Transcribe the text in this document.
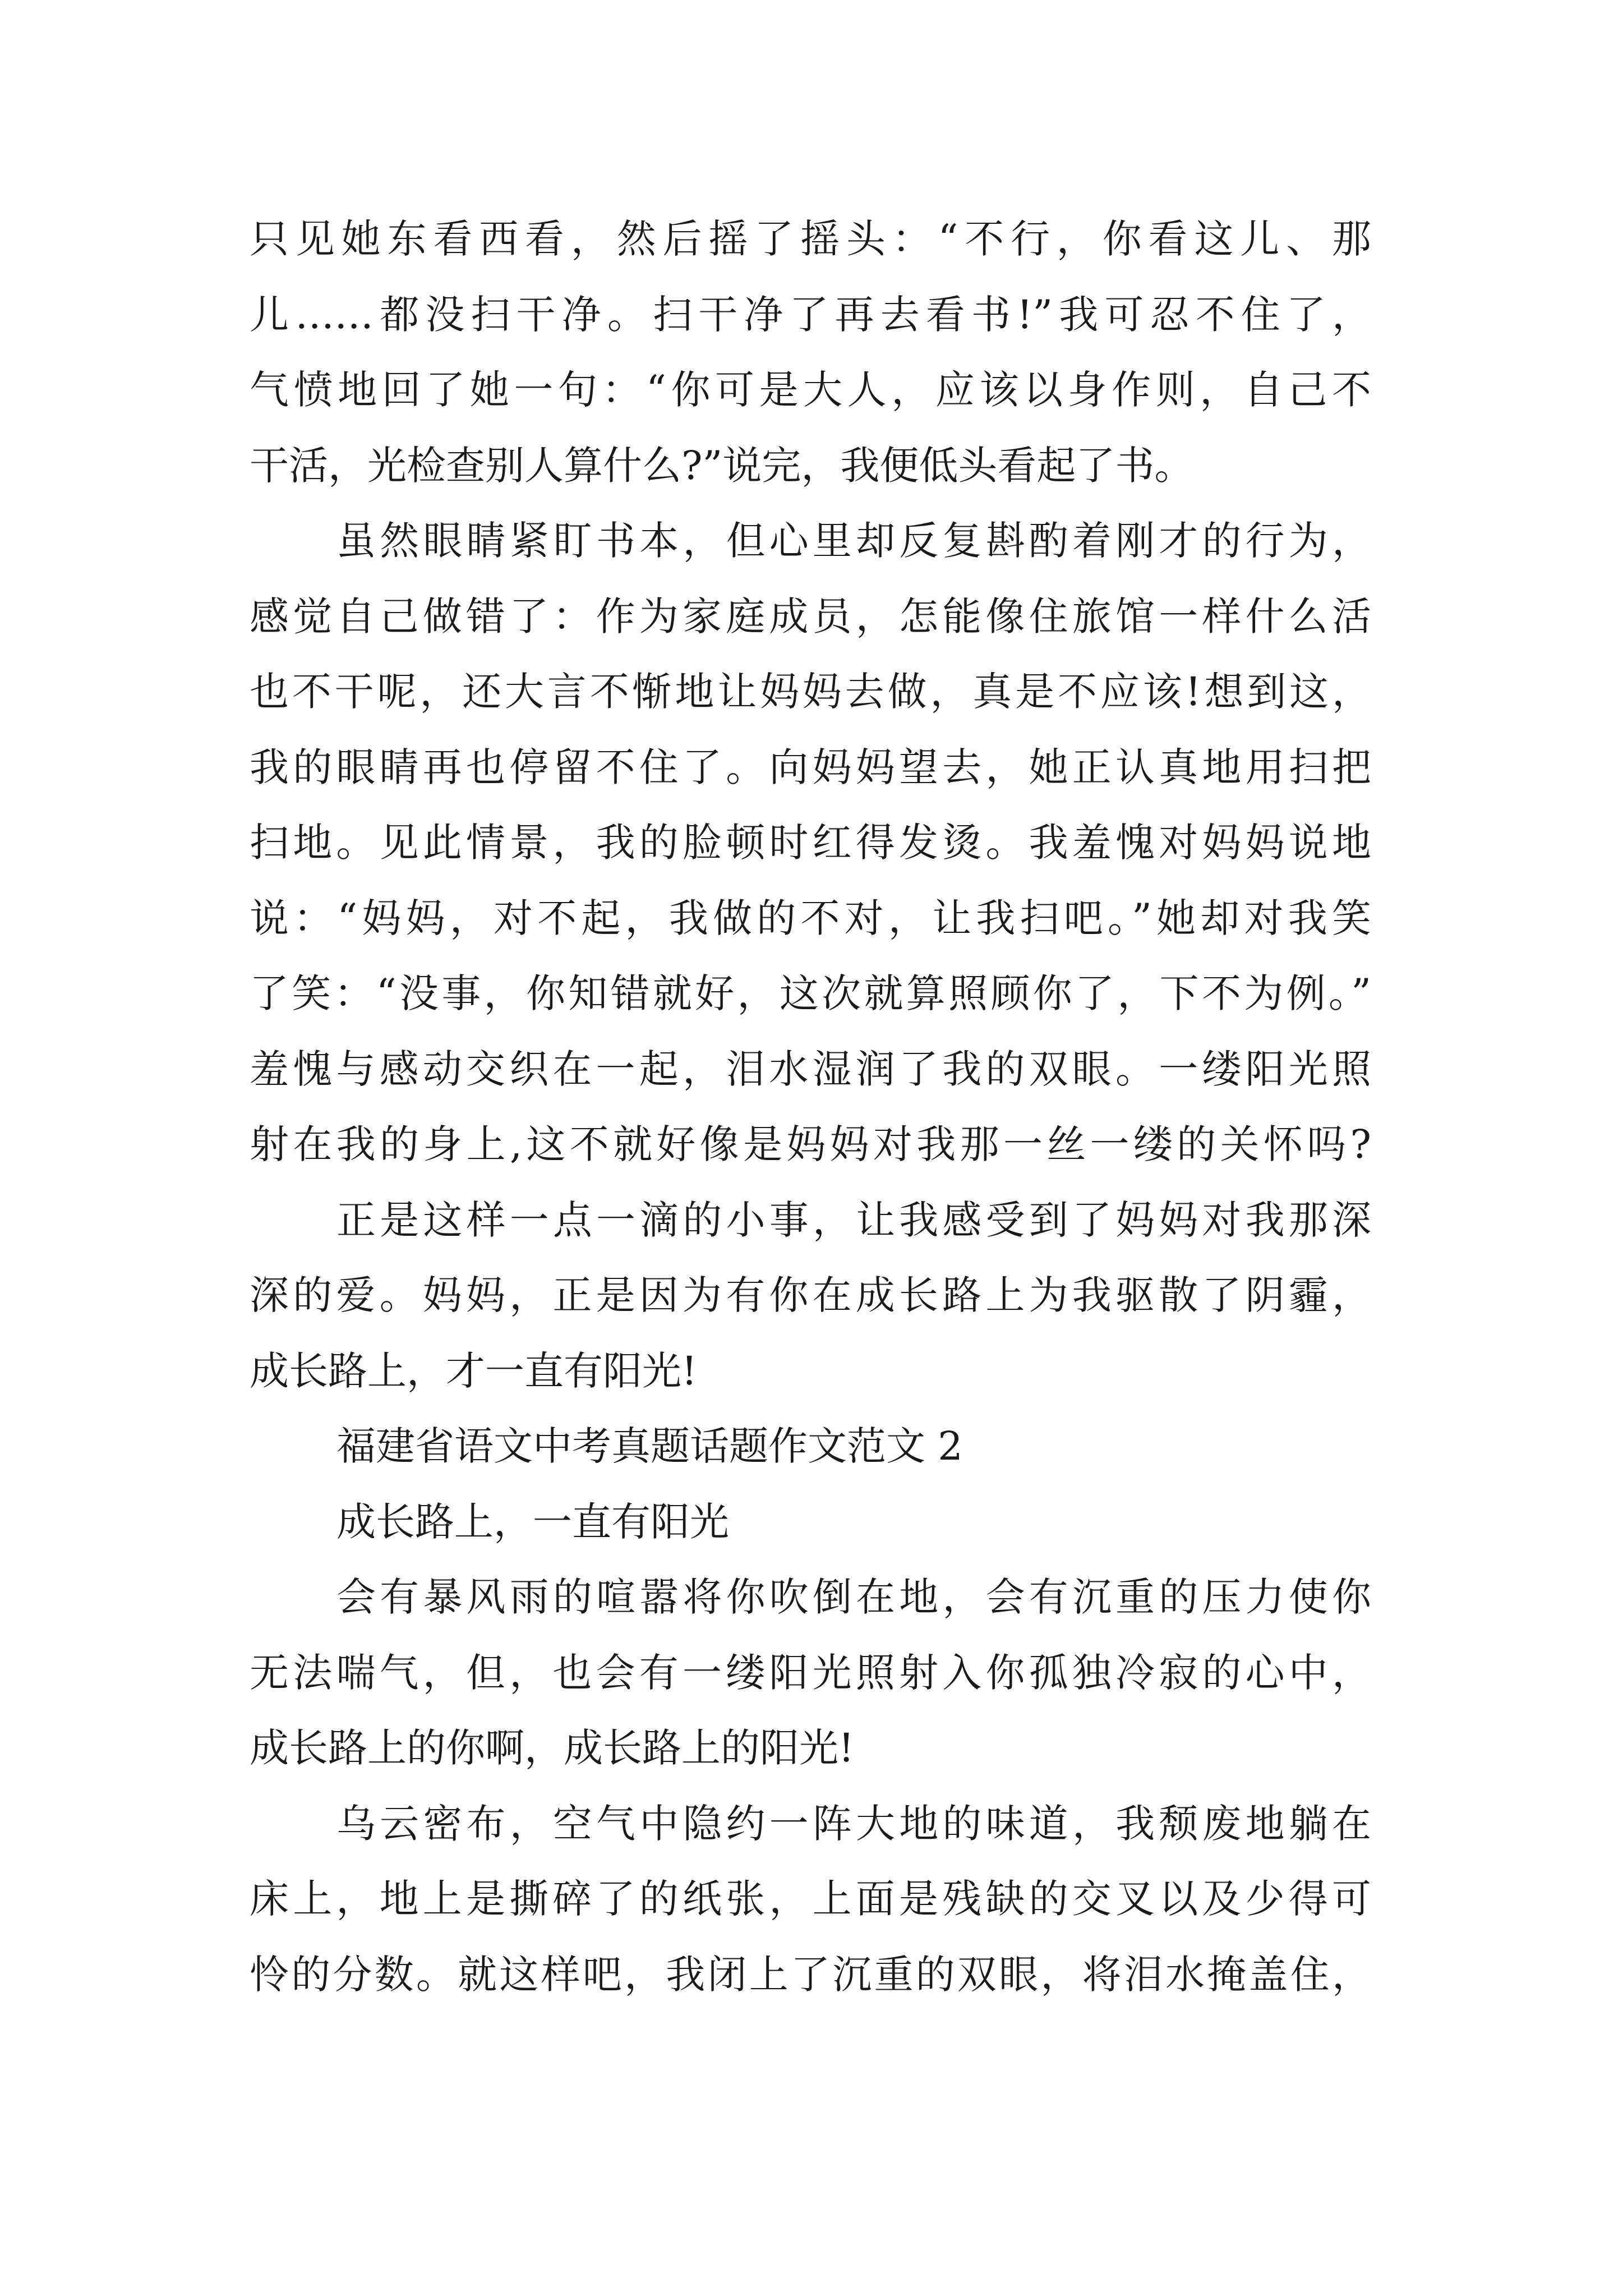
只见她东看西看，然后摇了摇头：“不行，你看这儿、那
儿……都没扫干净。扫干净了再去看书!”我可忍不住了，
气愤地回了她一句：“你可是大人，应该以身作则，自己不
干活，光检查别人算什么?”说完，我便低头看起了书。
虽然眼睛紧盯书本，但心里却反复斟酌着刚才的行为，
感觉自己做错了：作为家庭成员，怎能像住旅馆一样什么活
也不干呢，还大言不惭地让妈妈去做，真是不应该!想到这，
我的眼睛再也停留不住了。向妈妈望去，她正认真地用扫把
扫地。见此情景，我的脸顿时红得发烫。我羞愧对妈妈说地
说：“妈妈，对不起，我做的不对，让我扫吧。”她却对我笑
了笑：“没事，你知错就好，这次就算照顾你了，下不为例。”
羞愧与感动交织在一起，泪水湿润了我的双眼。一缕阳光照
射在我的身上,这不就好像是妈妈对我那一丝一缕的关怀吗?
正是这样一点一滴的小事，让我感受到了妈妈对我那深
深的爱。妈妈，正是因为有你在成长路上为我驱散了阴霾，
成长路上，才一直有阳光!
福建省语文中考真题话题作文范文 2
成长路上，一直有阳光
会有暴风雨的喧嚣将你吹倒在地，会有沉重的压力使你
无法喘气，但，也会有一缕阳光照射入你孤独冷寂的心中，
成长路上的你啊，成长路上的阳光!
乌云密布，空气中隐约一阵大地的味道，我颓废地躺在
床上，地上是撕碎了的纸张，上面是残缺的交叉以及少得可
怜的分数。就这样吧，我闭上了沉重的双眼，将泪水掩盖住，
